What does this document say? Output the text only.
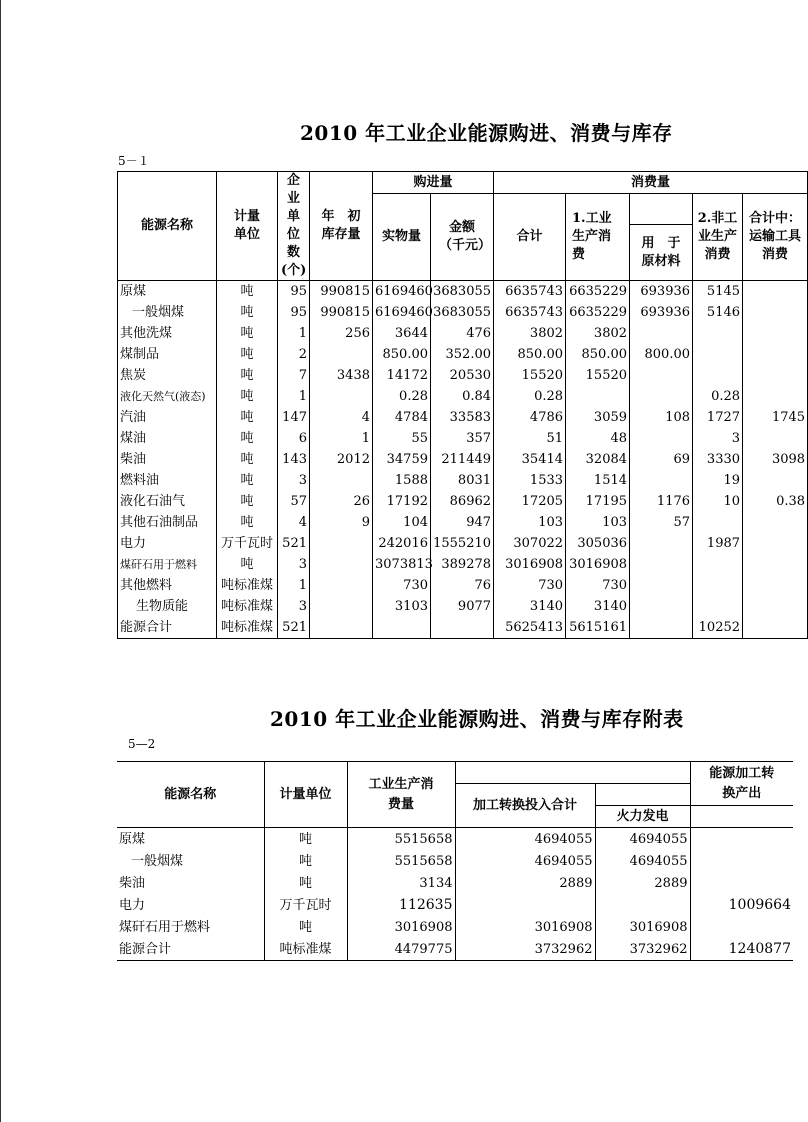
2010 年工业企业能源购进、消费与库存
5－１
能源名称	计量单位	企业单位数(个)	年　初库存量	购进量		消费量				
				实物量	金额（千元）	合计	1.工业生产消费		2.非工业生产消费	合计中：运输工具消费
								用　于原材料		
原煤	吨	95	990815	6169460	3683055	6635743	6635229	693936	5145	
一般烟煤	吨	95	990815	6169460	3683055	6635743	6635229	693936	5146	
其他洗煤	吨	1	256	3644	476	3802	3802			
煤制品	吨	2		850.00	352.00	850.00	850.00	800.00		
焦炭	吨	7	3438	14172	20530	15520	15520			
液化天然气(液态)	吨	1		0.28	0.84	0.28			0.28	
汽油	吨	147	4	4784	33583	4786	3059	108	1727	1745
煤油	吨	6	1	55	357	51	48		3	
柴油	吨	143	2012	34759	211449	35414	32084	69	3330	3098
燃料油	吨	3		1588	8031	1533	1514		19	
液化石油气	吨	57	26	17192	86962	17205	17195	1176	10	0.38
其他石油制品	吨	4	9	104	947	103	103	57		
电力	万千瓦时	521		242016	1555210	307022	305036		1987	
煤矸石用于燃料	吨	3		3073813	389278	3016908	3016908			
其他燃料	吨标准煤	1		730	76	730	730			
生物质能	吨标准煤	3		3103	9077	3140	3140			
能源合计	吨标准煤	521				5625413	5615161		10252	
2010 年工业企业能源购进、消费与库存附表
5—2
能源名称	计量单位	工业生产消费量			能源加工转换产出
			加工转换投入合计		
				火力发电	
原煤	吨	5515658	4694055	4694055	
一般烟煤	吨	5515658	4694055	4694055	
柴油	吨	3134	2889	2889	
电力	万千瓦时	112635			1009664
煤矸石用于燃料	吨	3016908	3016908	3016908	
能源合计	吨标准煤	4479775	3732962	3732962	1240877
